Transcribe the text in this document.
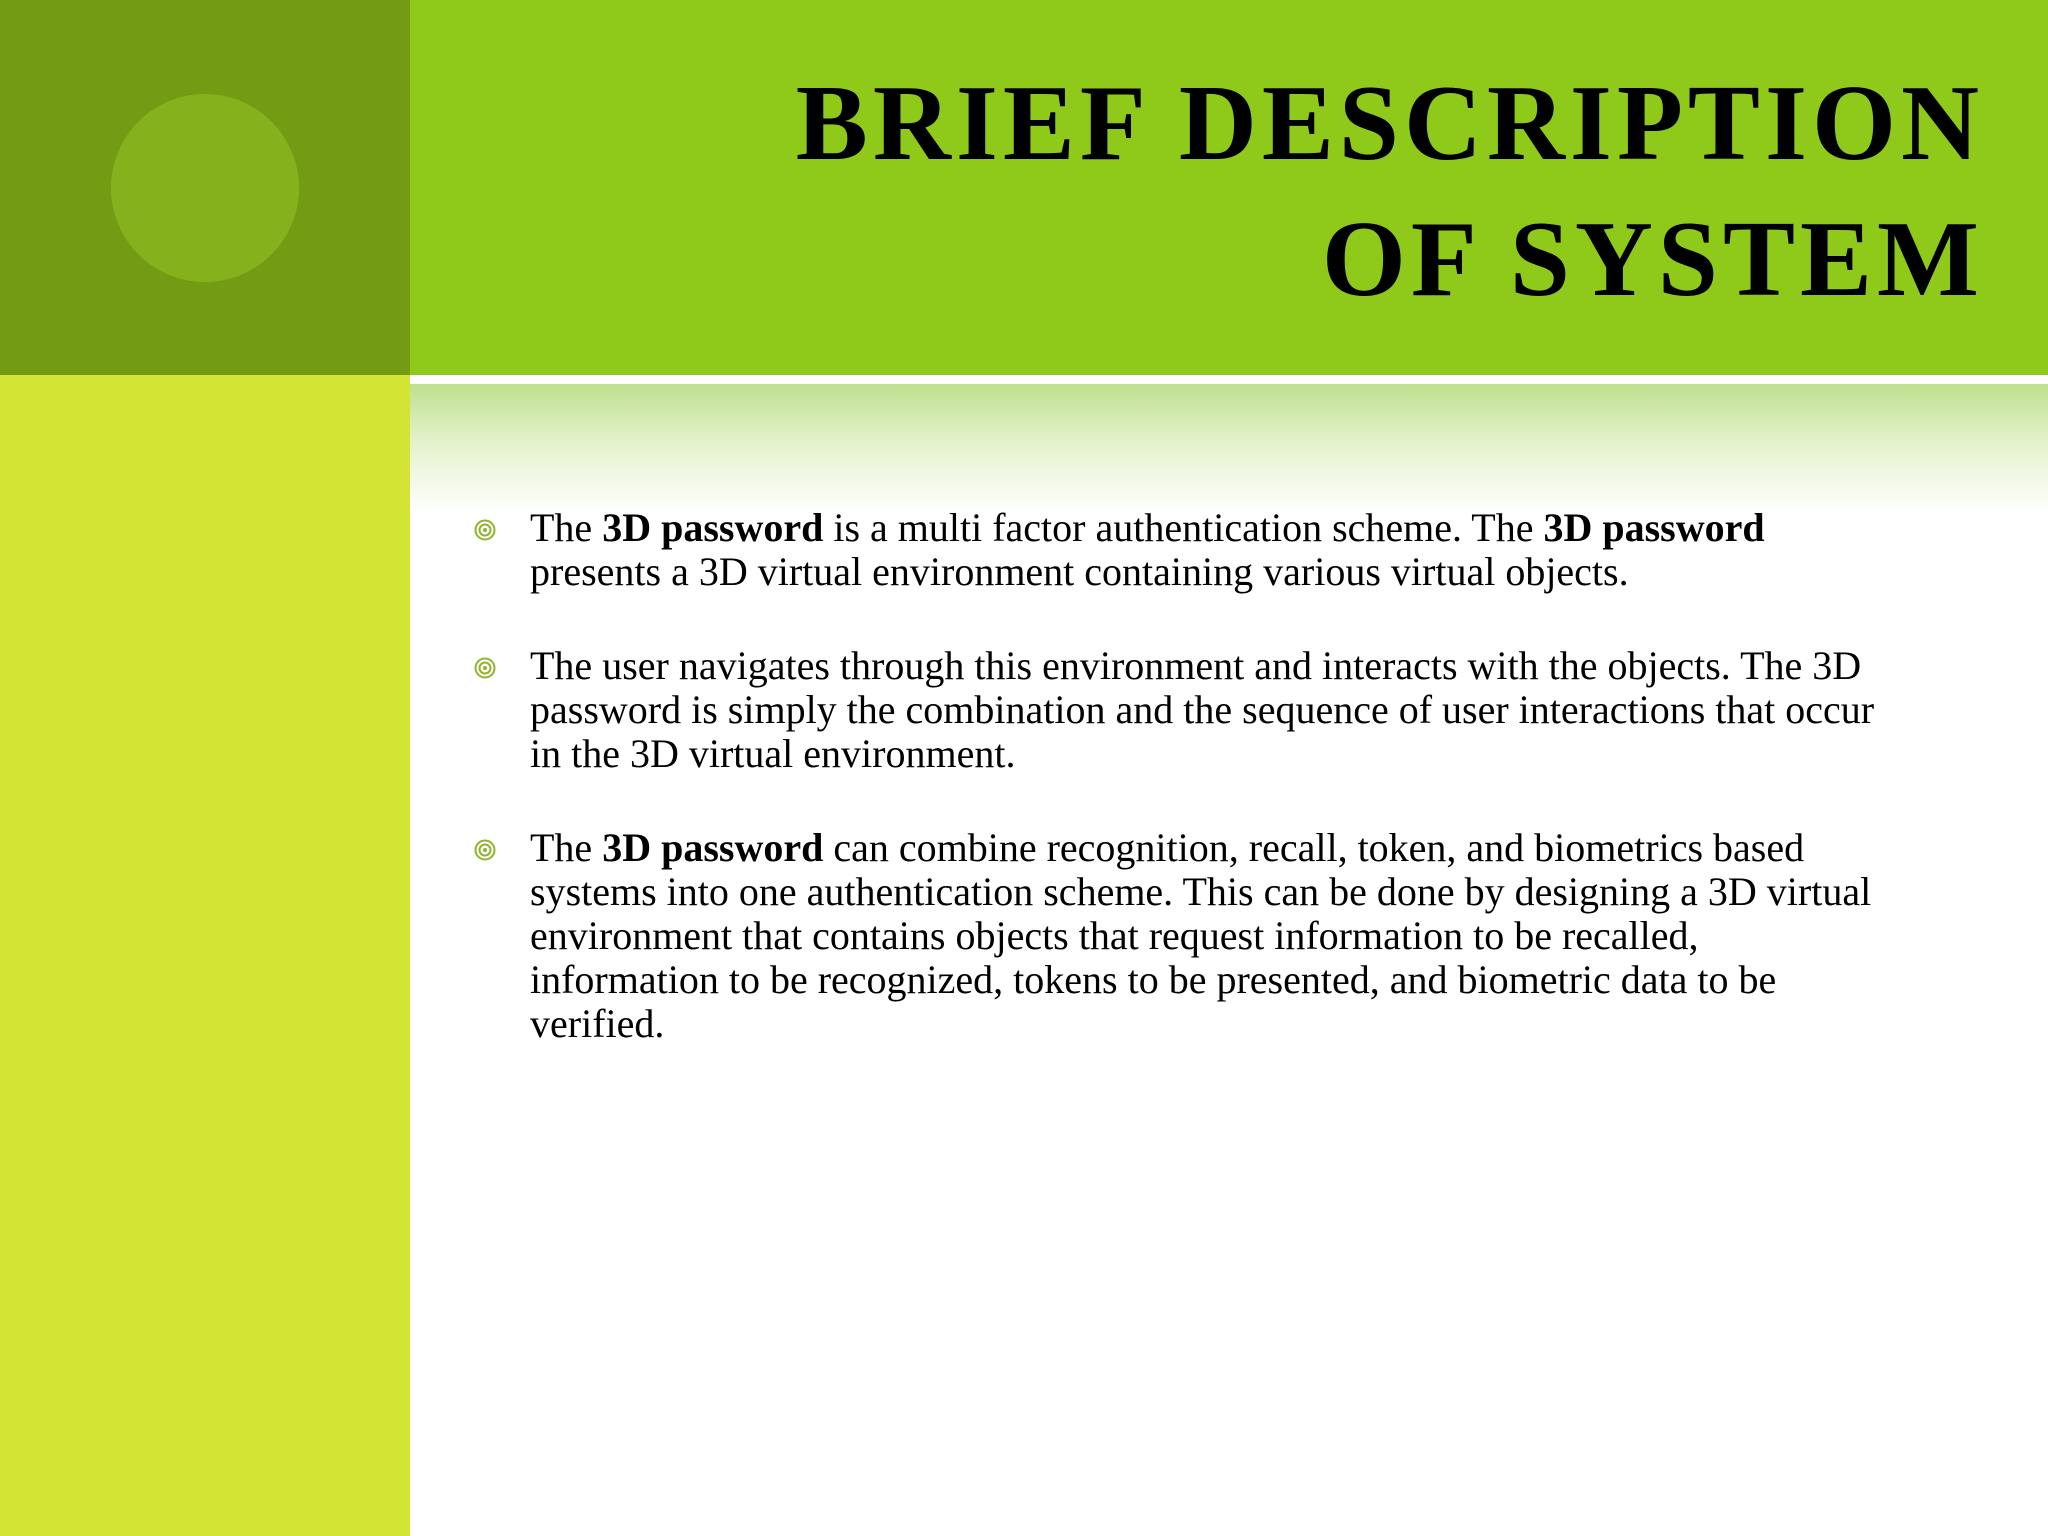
BRIEF DESCRIPTION
OF SYSTEM
The 3D password is a multi factor authentication scheme. The 3D password presents a 3D virtual environment containing various virtual objects.
The user navigates through this environment and interacts with the objects. The 3D password is simply the combination and the sequence of user interactions that occur in the 3D virtual environment.
The 3D password can combine recognition, recall, token, and biometrics based systems into one authentication scheme. This can be done by designing a 3D virtual environment that contains objects that request information to be recalled, information to be recognized, tokens to be presented, and biometric data to be verified.
